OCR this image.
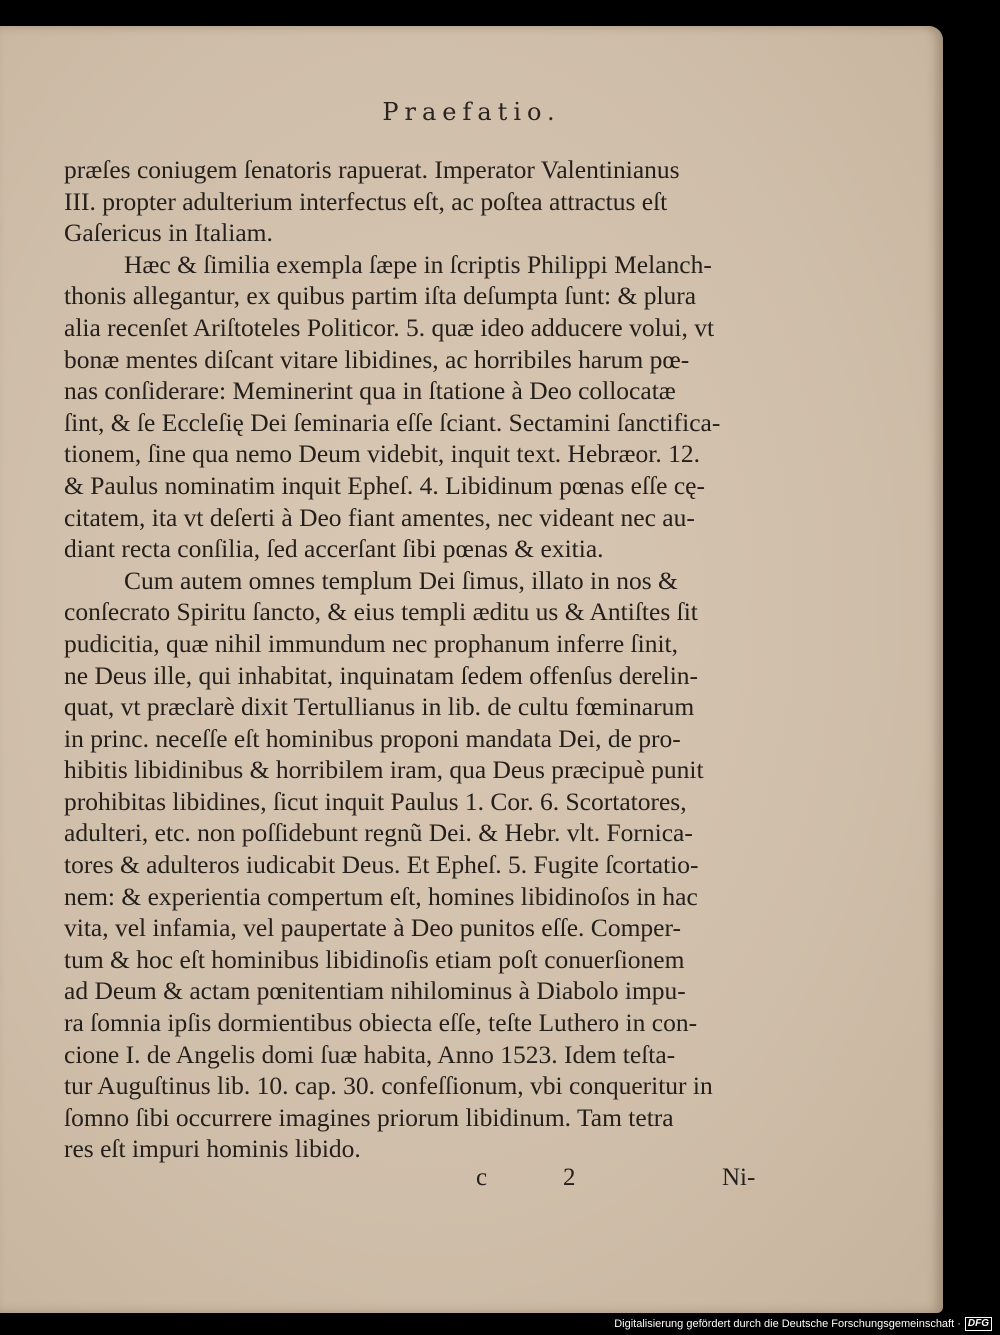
Praefatio.
præſes coniugem ſenatoris rapuerat. Imperator Valentinianus
III. propter adulterium interfectus eſt, ac poſtea attractus eſt
Gaſericus in Italiam.
Hæc & ſimilia exempla ſæpe in ſcriptis Philippi Melanch-
thonis allegantur, ex quibus partim iſta deſumpta ſunt: & plura
alia recenſet Ariſtoteles Politicor. 5. quæ ideo adducere volui, vt
bonæ mentes diſcant vitare libidines, ac horribiles harum pœ-
nas conſiderare: Meminerint qua in ſtatione à Deo collocatæ
ſint, & ſe Eccleſię Dei ſeminaria eſſe ſciant. Sectamini ſanctifica-
tionem, ſine qua nemo Deum videbit, inquit text. Hebræor. 12.
& Paulus nominatim inquit Epheſ. 4. Libidinum pœnas eſſe cę-
citatem, ita vt deſerti à Deo fiant amentes, nec videant nec au-
diant recta conſilia, ſed accerſant ſibi pœnas & exitia.
Cum autem omnes templum Dei ſimus, illato in nos &
conſecrato Spiritu ſancto, & eius templi æditu us & Antiſtes ſit
pudicitia, quæ nihil immundum nec prophanum inferre ſinit,
ne Deus ille, qui inhabitat, inquinatam ſedem offenſus derelin-
quat, vt præclarè dixit Tertullianus in lib. de cultu fœminarum
in princ. neceſſe eſt hominibus proponi mandata Dei, de pro-
hibitis libidinibus & horribilem iram, qua Deus præcipuè punit
prohibitas libidines, ſicut inquit Paulus 1. Cor. 6. Scortatores,
adulteri, etc. non poſſidebunt regnũ Dei. & Hebr. vlt. Fornica-
tores & adulteros iudicabit Deus. Et Epheſ. 5. Fugite ſcortatio-
nem: & experientia compertum eſt, homines libidinoſos in hac
vita, vel infamia, vel paupertate à Deo punitos eſſe. Comper-
tum & hoc eſt hominibus libidinoſis etiam poſt conuerſionem
ad Deum & actam pœnitentiam nihilominus à Diabolo impu-
ra ſomnia ipſis dormientibus obiecta eſſe, teſte Luthero in con-
cione I. de Angelis domi ſuæ habita, Anno 1523. Idem teſta-
tur Auguſtinus lib. 10. cap. 30. confeſſionum, vbi conqueritur in
ſomno ſibi occurrere imagines priorum libidinum. Tam tetra
res eſt impuri hominis libido.
c	2	Ni-
Digitalisierung gefördert durch die Deutsche Forschungsgemeinschaft · DFG
